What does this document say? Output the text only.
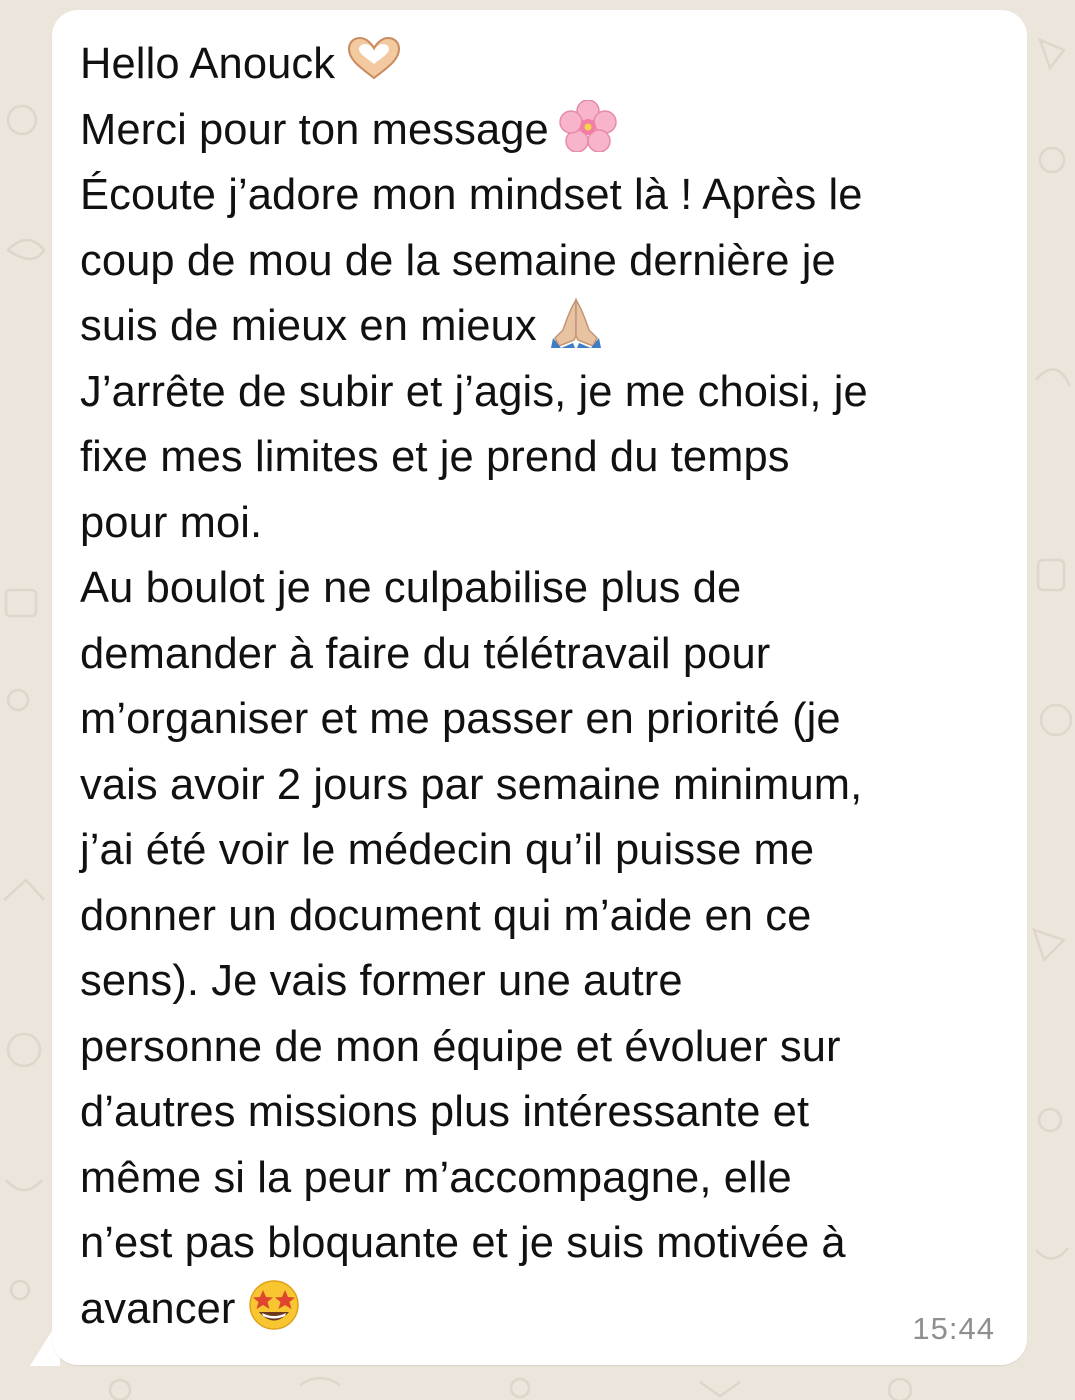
Hello Anouck
Merci pour ton message
Écoute j’adore mon mindset là ! Après le
coup de mou de la semaine dernière je
suis de mieux en mieux
J’arrête de subir et j’agis, je me choisi, je
fixe mes limites et je prend du temps
pour moi.
Au boulot je ne culpabilise plus de
demander à faire du télétravail pour
m’organiser et me passer en priorité (je
vais avoir 2 jours par semaine minimum,
j’ai été voir le médecin qu’il puisse me
donner un document qui m’aide en ce
sens). Je vais former une autre
personne de mon équipe et évoluer sur
d’autres missions plus intéressante et
même si la peur m’accompagne, elle
n’est pas bloquante et je suis motivée à
avancer	15:44
